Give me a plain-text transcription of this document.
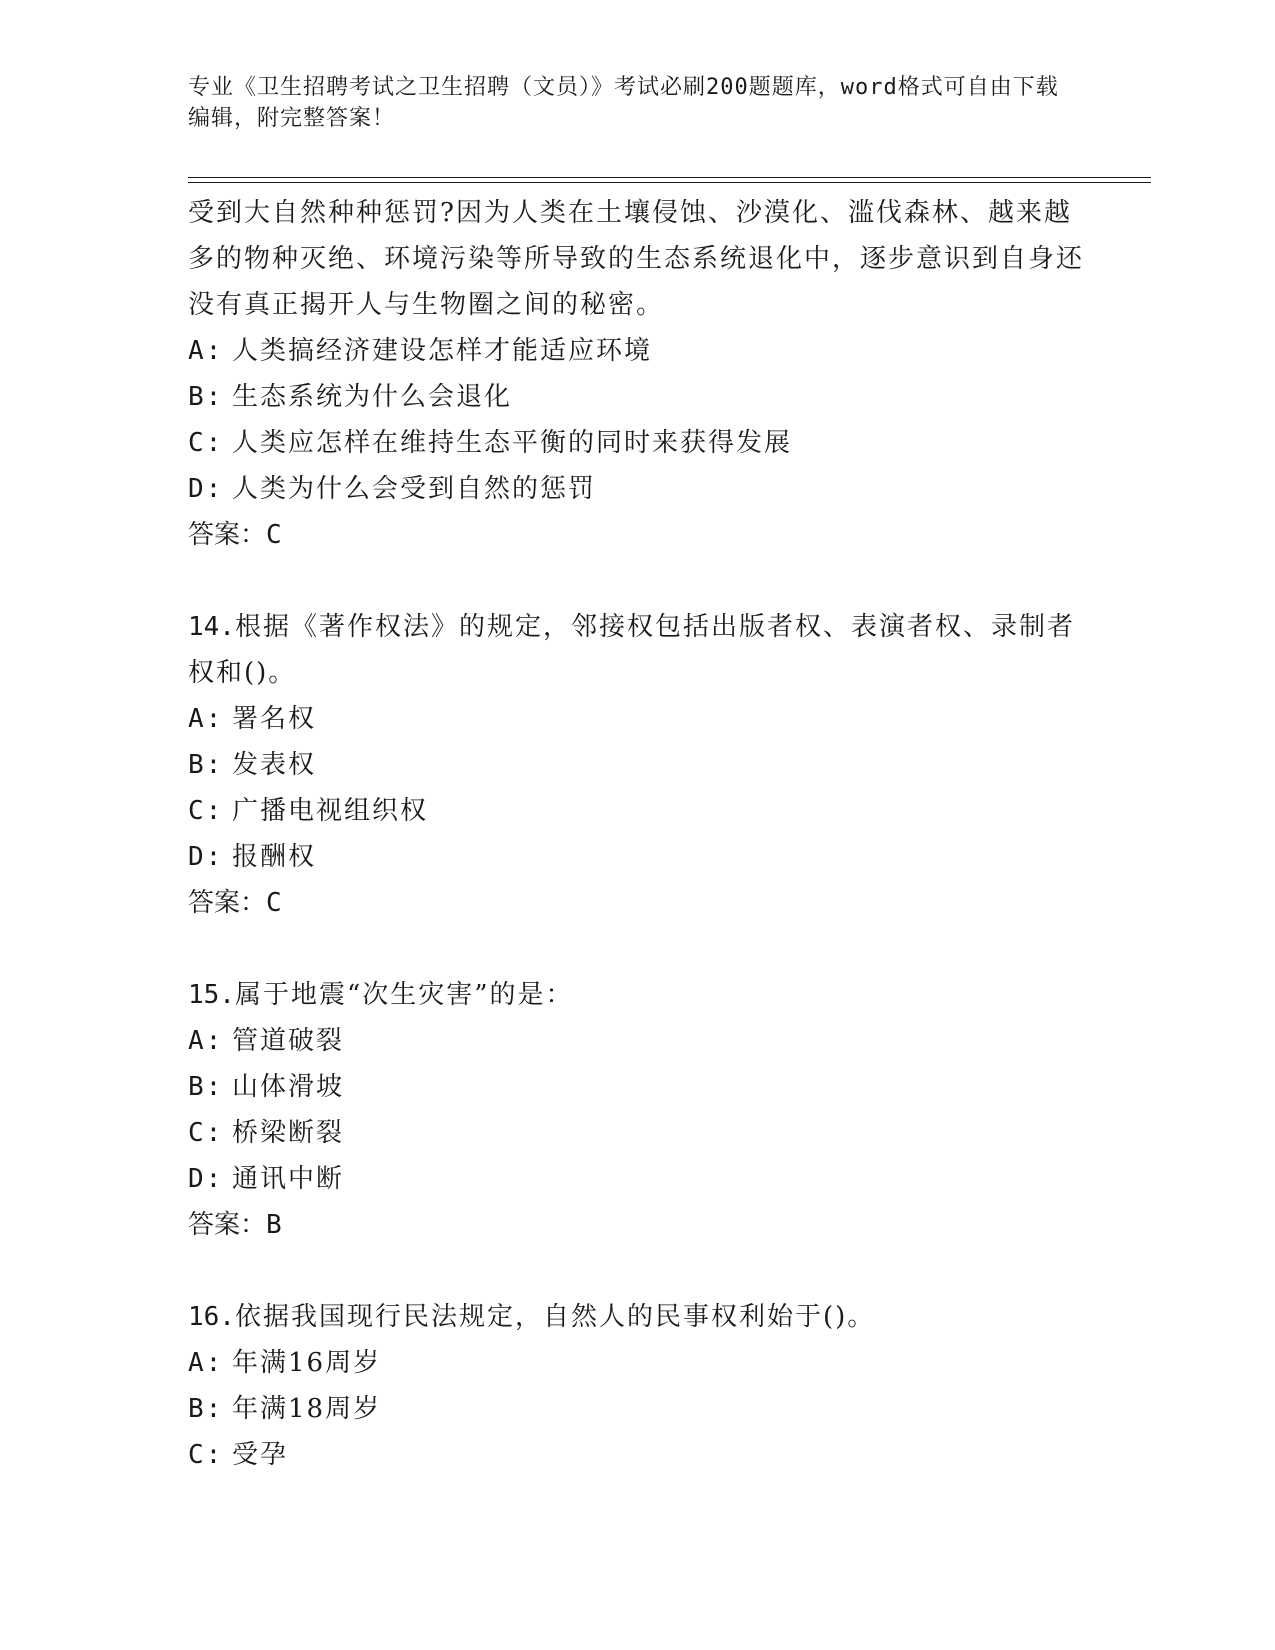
专业《卫生招聘考试之卫生招聘（文员）》考试必刷200题题库，word格式可自由下载编辑，附完整答案！

受到大自然种种惩罚?因为人类在土壤侵蚀、沙漠化、滥伐森林、越来越多的物种灭绝、环境污染等所导致的生态系统退化中，逐步意识到自身还没有真正揭开人与生物圈之间的秘密。

A: 人类搞经济建设怎样才能适应环境
B: 生态系统为什么会退化
C: 人类应怎样在维持生态平衡的同时来获得发展
D: 人类为什么会受到自然的惩罚
答案：C

14.根据《著作权法》的规定，邻接权包括出版者权、表演者权、录制者权和()。

A: 署名权
B: 发表权
C: 广播电视组织权
D: 报酬权
答案：C

15.属于地震“次生灾害”的是：

A: 管道破裂
B: 山体滑坡
C: 桥梁断裂
D: 通讯中断
答案：B

16.依据我国现行民法规定，自然人的民事权利始于()。

A: 年满16周岁
B: 年满18周岁
C: 受孕
